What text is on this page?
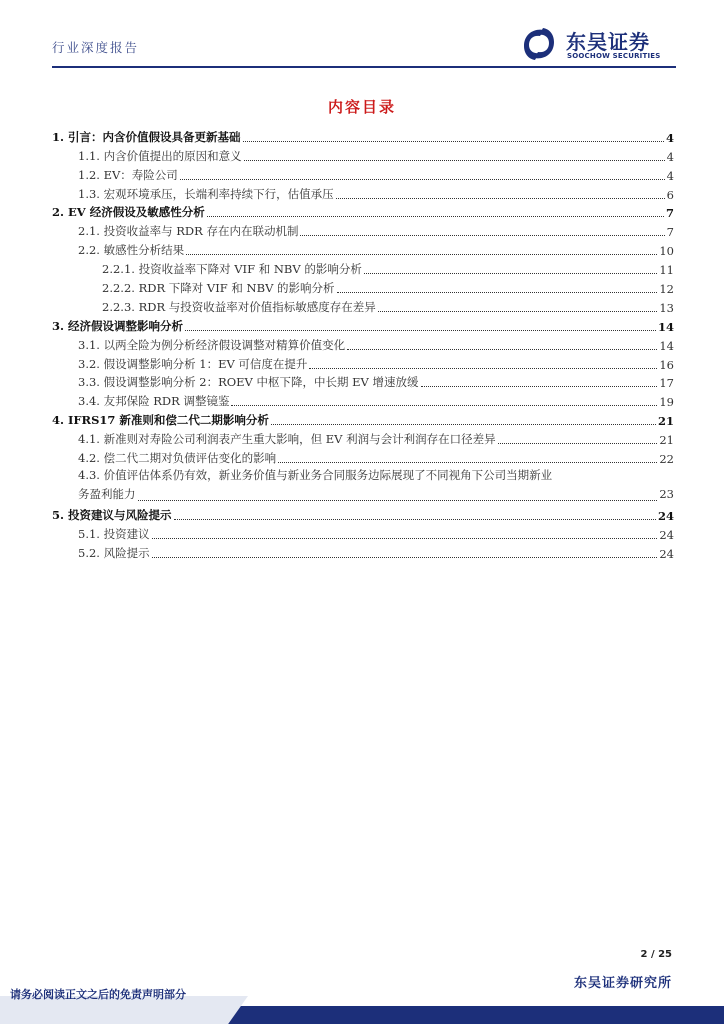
行业深度报告	东吴证券
SOOCHOW SECURITIES
内容目录
1. 引言：内含价值假设具备更新基础	4
1.1. 内含价值提出的原因和意义	4
1.2. EV：寿险公司	4
1.3. 宏观环境承压，长端利率持续下行，估值承压	6
2. EV 经济假设及敏感性分析	7
2.1. 投资收益率与 RDR 存在内在联动机制	7
2.2. 敏感性分析结果	10
2.2.1. 投资收益率下降对 VIF 和 NBV 的影响分析	11
2.2.2. RDR 下降对 VIF 和 NBV 的影响分析	12
2.2.3. RDR 与投资收益率对价值指标敏感度存在差异	13
3. 经济假设调整影响分析	14
3.1. 以两全险为例分析经济假设调整对精算价值变化	14
3.2. 假设调整影响分析 1：EV 可信度在提升	16
3.3. 假设调整影响分析 2：ROEV 中枢下降，中长期 EV 增速放缓	17
3.4. 友邦保险 RDR 调整镜鉴	19
4. IFRS17 新准则和偿二代二期影响分析	21
4.1. 新准则对寿险公司利润表产生重大影响，但 EV 利润与会计利润存在口径差异	21
4.2. 偿二代二期对负债评估变化的影响	22
4.3. 价值评估体系仍有效，新业务价值与新业务合同服务边际展现了不同视角下公司当期新业
务盈利能力	23
5. 投资建议与风险提示	24
5.1. 投资建议	24
5.2. 风险提示	24
2 / 25
东吴证券研究所
请务必阅读正文之后的免责声明部分
